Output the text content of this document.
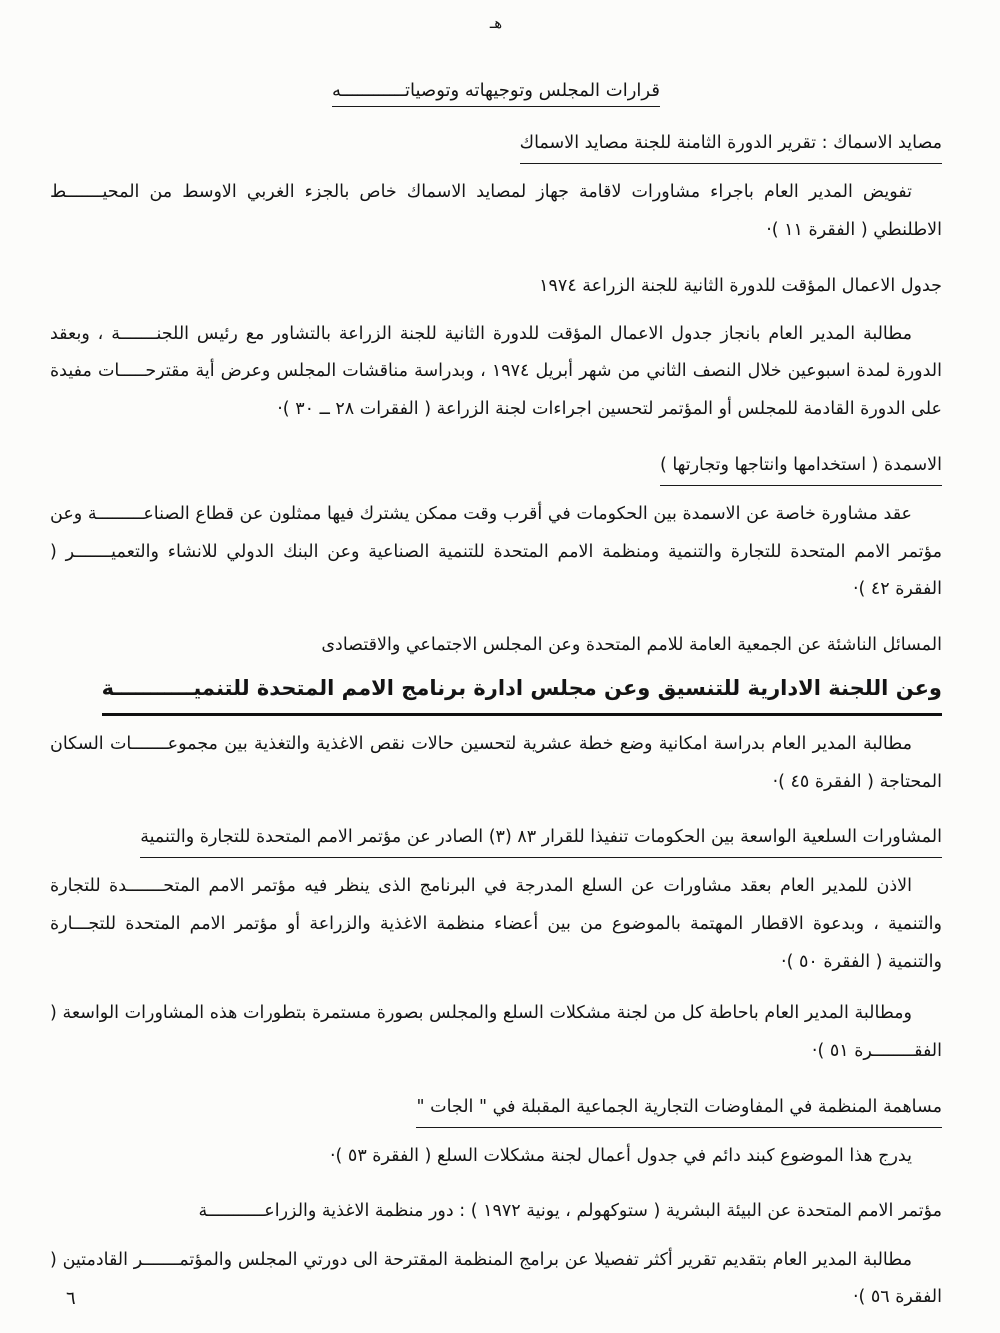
هـ
قرارات المجلس وتوجيهاته وتوصياتــــــــــــه
مصايد الاسماك : تقرير الدورة الثامنة للجنة مصايد الاسماك

تفويض المدير العام باجراء مشاورات لاقامة جهاز لمصايد الاسماك خاص بالجزء الغربي الاوسط من المحيـــــــط الاطلنطي ( الفقرة ١١ )·

جدول الاعمال المؤقت للدورة الثانية للجنة الزراعة ١٩٧٤

مطالبة المدير العام بانجاز جدول الاعمال المؤقت للدورة الثانية للجنة الزراعة بالتشاور مع رئيس اللجنـــــــة ، وبعقد الدورة لمدة اسبوعين خلال النصف الثاني من شهر أبريل ١٩٧٤ ، وبدراسة مناقشات المجلس وعرض أية مقترحـــــات مفيدة على الدورة القادمة للمجلس أو المؤتمر لتحسين اجراءات لجنة الزراعة ( الفقرات ٢٨ ــ ٣٠ )·

الاسمدة ( استخدامها وانتاجها وتجارتها )

عقد مشاورة خاصة عن الاسمدة بين الحكومات في أقرب وقت ممكن يشترك فيها ممثلون عن قطاع الصناعـــــــــة وعن مؤتمر الامم المتحدة للتجارة والتنمية ومنظمة الامم المتحدة للتنمية الصناعية وعن البنك الدولي للانشاء والتعميـــــــر ( الفقرة ٤٢ )·

المسائل الناشئة عن الجمعية العامة للامم المتحدة وعن المجلس الاجتماعي والاقتصادى
وعن اللجنة الادارية للتنسيق وعن مجلس ادارة برنامج الامم المتحدة للتنميـــــــــــة

مطالبة المدير العام بدراسة امكانية وضع خطة عشرية لتحسين حالات نقص الاغذية والتغذية بين مجموعـــــــات السكان المحتاجة ( الفقرة ٤٥ )·

المشاورات السلعية الواسعة بين الحكومات تنفيذا للقرار ٨٣ (٣) الصادر عن مؤتمر الامم المتحدة للتجارة والتنمية

الاذن للمدير العام بعقد مشاورات عن السلع المدرجة في البرنامج الذى ينظر فيه مؤتمر الامم المتحـــــــدة للتجارة والتنمية ، وبدعوة الاقطار المهتمة بالموضوع من بين أعضاء منظمة الاغذية والزراعة أو مؤتمر الامم المتحدة للتجـــارة والتنمية ( الفقرة ٥٠ )·

ومطالبة المدير العام باحاطة كل من لجنة مشكلات السلع والمجلس بصورة مستمرة بتطورات هذه المشاورات الواسعة ( الفقــــــــرة ٥١ )·

مساهمة المنظمة في المفاوضات التجارية الجماعية المقبلة في " الجات "

يدرج هذا الموضوع كبند دائم في جدول أعمال لجنة مشكلات السلع ( الفقرة ٥٣ )·

مؤتمر الامم المتحدة عن البيئة البشرية ( ستوكهولم ، يونية ١٩٧٢ ) : دور منظمة الاغذية والزراعـــــــــــة

مطالبة المدير العام بتقديم تقرير أكثر تفصيلا عن برامج المنظمة المقترحة الى دورتي المجلس والمؤتمـــــــر القادمتين ( الفقرة ٥٦ )·

٦
